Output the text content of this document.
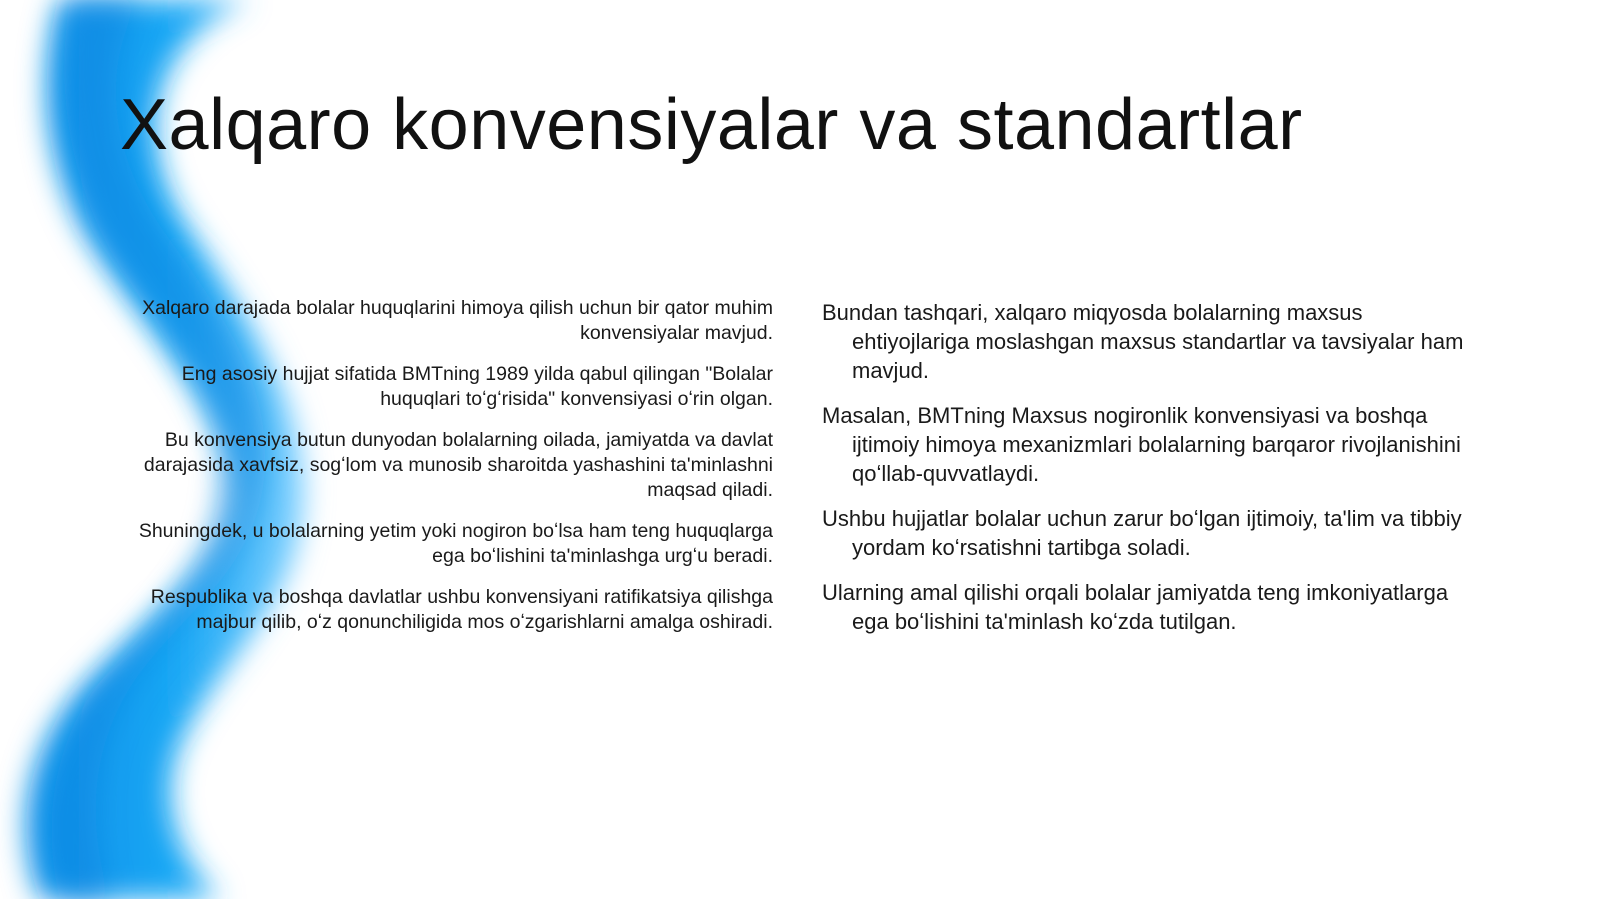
Xalqaro konvensiyalar va standartlar

Xalqaro darajada bolalar huquqlarini himoya qilish uchun bir qator muhim konvensiyalar mavjud.

Eng asosiy hujjat sifatida BMTning 1989 yilda qabul qilingan "Bolalar huquqlari toʻgʻrisida" konvensiyasi oʻrin olgan.

Bu konvensiya butun dunyodan bolalarning oilada, jamiyatda va davlat darajasida xavfsiz, sogʻlom va munosib sharoitda yashashini ta'minlashni maqsad qiladi.

Shuningdek, u bolalarning yetim yoki nogiron boʻlsa ham teng huquqlarga ega boʻlishini ta'minlashga urgʻu beradi.

Respublika va boshqa davlatlar ushbu konvensiyani ratifikatsiya qilishga majbur qilib, oʻz qonunchiligida mos oʻzgarishlarni amalga oshiradi.

Bundan tashqari, xalqaro miqyosda bolalarning maxsus ehtiyojlariga moslashgan maxsus standartlar va tavsiyalar ham mavjud.

Masalan, BMTning Maxsus nogironlik konvensiyasi va boshqa ijtimoiy himoya mexanizmlari bolalarning barqaror rivojlanishini qoʻllab-quvvatlaydi.

Ushbu hujjatlar bolalar uchun zarur boʻlgan ijtimoiy, ta'lim va tibbiy yordam koʻrsatishni tartibga soladi.

Ularning amal qilishi orqali bolalar jamiyatda teng imkoniyatlarga ega boʻlishini ta'minlash koʻzda tutilgan.
